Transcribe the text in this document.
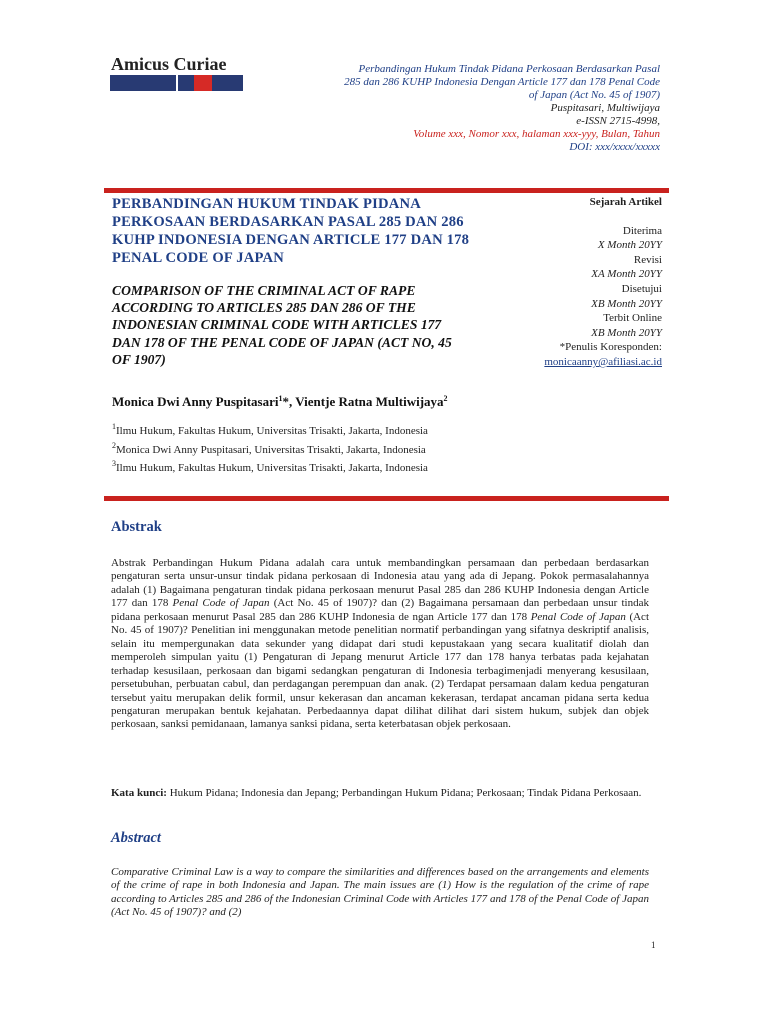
Amicus Curiae	Perbandingan Hukum Tindak Pidana Perkosaan Berdasarkan Pasal
285 dan 286 KUHP Indonesia Dengan Article 177 dan 178 Penal Code
of Japan (Act No. 45 of 1907)
Puspitasari, Multiwijaya
e-ISSN 2715-4998,
Volume xxx, Nomor xxx, halaman xxx-yyy, Bulan, Tahun
DOI: xxx/xxxx/xxxxx
PERBANDINGAN HUKUM TINDAK PIDANA
PERKOSAAN BERDASARKAN PASAL 285 DAN 286
KUHP INDONESIA DENGAN ARTICLE 177 DAN 178
PENAL CODE OF JAPAN
COMPARISON OF THE CRIMINAL ACT OF RAPE
ACCORDING TO ARTICLES 285 DAN 286 OF THE
INDONESIAN CRIMINAL CODE WITH ARTICLES 177
DAN 178 OF THE PENAL CODE OF JAPAN (ACT NO, 45
OF 1907)
Sejarah Artikel
Diterima
X Month 20YY
Revisi
XA Month 20YY
Disetujui
XB Month 20YY
Terbit Online
XB Month 20YY
*Penulis Koresponden:
monicaanny@afiliasi.ac.id
Monica Dwi Anny Puspitasari$^1$*, Vientje Ratna Multiwijaya$^2$
$^1$Ilmu Hukum, Fakultas Hukum, Universitas Trisakti, Jakarta, Indonesia
$^2$Monica Dwi Anny Puspitasari, Universitas Trisakti, Jakarta, Indonesia
$^3$Ilmu Hukum, Fakultas Hukum, Universitas Trisakti, Jakarta, Indonesia
Abstrak
Abstrak Perbandingan Hukum Pidana adalah cara untuk membandingkan persamaan dan perbedaan berdasarkan pengaturan serta unsur-unsur tindak pidana perkosaan di Indonesia atau yang ada di Jepang. Pokok permasalahannya adalah (1) Bagaimana pengaturan tindak pidana perkosaan menurut Pasal 285 dan 286 KUHP Indonesia dengan Article 177 dan 178 Penal Code of Japan (Act No. 45 of 1907)? dan (2) Bagaimana persamaan dan perbedaan unsur tindak pidana perkosaan menurut Pasal 285 dan 286 KUHP Indonesia de ngan Article 177 dan 178 Penal Code of Japan (Act No. 45 of 1907)? Penelitian ini menggunakan metode penelitian normatif perbandingan yang sifatnya deskriptif analisis, selain itu mempergunakan data sekunder yang didapat dari studi kepustakaan yang secara kualitatif diolah dan memperoleh simpulan yaitu (1) Pengaturan di Jepang menurut Article 177 dan 178 hanya terbatas pada kejahatan terhadap kesusilaan, perkosaan dan bigami sedangkan pengaturan di Indonesia terbagimenjadi menyerang kesusilaan, persetubuhan, perbuatan cabul, dan perdagangan perempuan dan anak. (2) Terdapat persamaan dalam kedua pengaturan tersebut yaitu merupakan delik formil, unsur kekerasan dan ancaman kekerasan, terdapat ancaman pidana serta kedua pengaturan merupakan bentuk kejahatan. Perbedaannya dapat dilihat dilihat dari sistem hukum, subjek dan objek perkosaan, sanksi pemidanaan, lamanya sanksi pidana, serta keterbatasan objek perkosaan.
Kata kunci: Hukum Pidana; Indonesia dan Jepang; Perbandingan Hukum Pidana; Perkosaan; Tindak Pidana Perkosaan.
Abstract
Comparative Criminal Law is a way to compare the similarities and differences based on the arrangements and elements of the crime of rape in both Indonesia and Japan. The main issues are (1) How is the regulation of the crime of rape according to Articles 285 and 286 of the Indonesian Criminal Code with Articles 177 and 178 of the Penal Code of Japan (Act No. 45 of 1907)? and (2)
1
